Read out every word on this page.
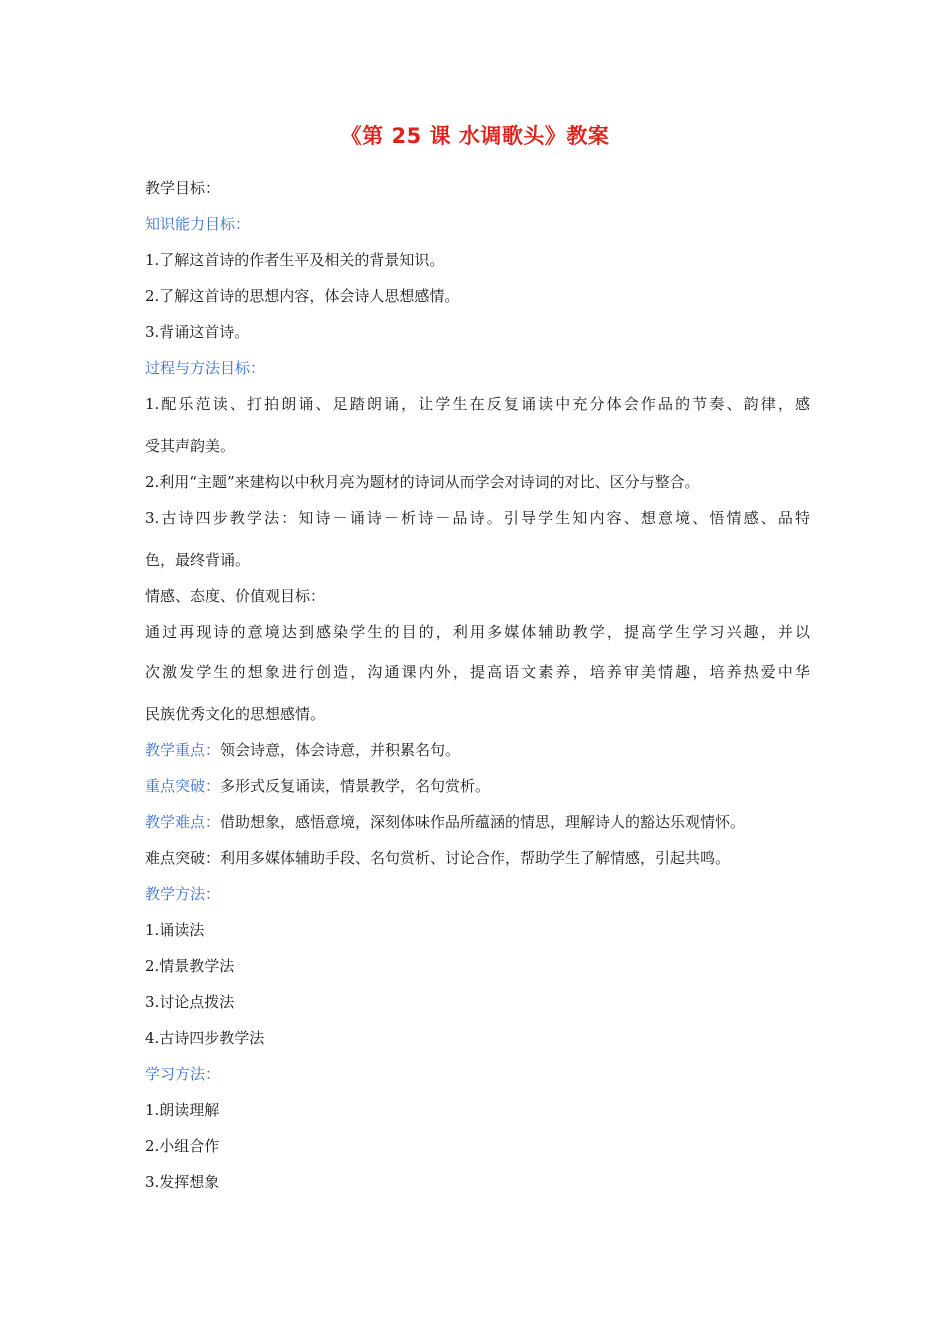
《第 25 课 水调歌头》教案
教学目标：
知识能力目标：
1.了解这首诗的作者生平及相关的背景知识。
2.了解这首诗的思想内容，体会诗人思想感情。
3.背诵这首诗。
过程与方法目标：
1.配乐范读、打拍朗诵、足踏朗诵，让学生在反复诵读中充分体会作品的节奏、韵律，感
受其声韵美。
2.利用“主题”来建构以中秋月亮为题材的诗词从而学会对诗词的对比、区分与整合。
3.古诗四步教学法：知诗－诵诗－析诗－品诗。引导学生知内容、想意境、悟情感、品特
色，最终背诵。
情感、态度、价值观目标：
通过再现诗的意境达到感染学生的目的，利用多媒体辅助教学，提高学生学习兴趣，并以
次激发学生的想象进行创造，沟通课内外，提高语文素养，培养审美情趣，培养热爱中华
民族优秀文化的思想感情。
教学重点：领会诗意，体会诗意，并积累名句。
重点突破：多形式反复诵读，情景教学，名句赏析。
教学难点：借助想象，感悟意境，深刻体味作品所蕴涵的情思，理解诗人的豁达乐观情怀。
难点突破：利用多媒体辅助手段、名句赏析、讨论合作，帮助学生了解情感，引起共鸣。
教学方法：
1.诵读法
2.情景教学法
3.讨论点拨法
4.古诗四步教学法
学习方法：
1.朗读理解
2.小组合作
3.发挥想象
